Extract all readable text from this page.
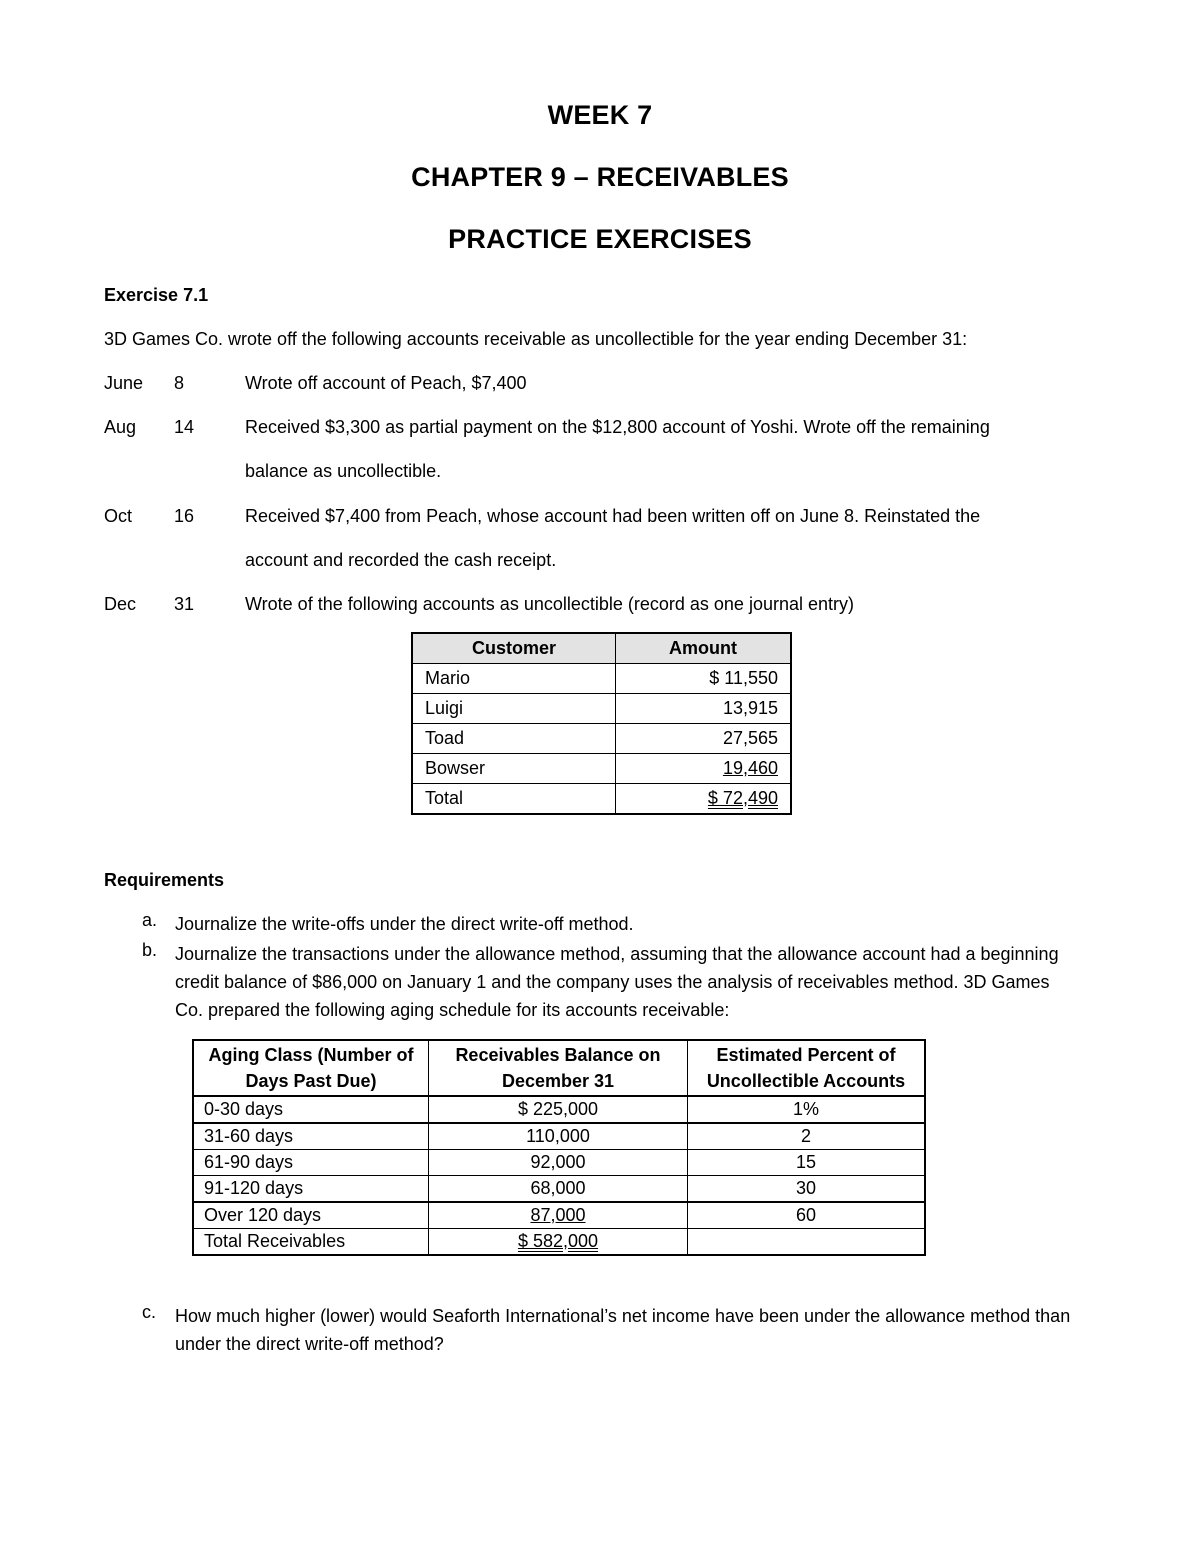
WEEK 7
CHAPTER 9 – RECEIVABLES
PRACTICE EXERCISES
Exercise 7.1
3D Games Co. wrote off the following accounts receivable as uncollectible for the year ending December 31:
June 8	Wrote off account of Peach, $7,400
Aug 14	Received $3,300 as partial payment on the $12,800 account of Yoshi. Wrote off the remaining
balance as uncollectible.
Oct 16	Received $7,400 from Peach, whose account had been written off on June 8. Reinstated the
account and recorded the cash receipt.
Dec 31	Wrote of the following accounts as uncollectible (record as one journal entry)
Customer	Amount
Mario	$ 11,550
Luigi	13,915
Toad	27,565
Bowser	19,460
Total	$ 72,490
Requirements
a. Journalize the write-offs under the direct write-off method.
b. Journalize the transactions under the allowance method, assuming that the allowance account had a beginning credit balance of $86,000 on January 1 and the company uses the analysis of receivables method. 3D Games Co. prepared the following aging schedule for its accounts receivable:
c. How much higher (lower) would Seaforth International’s net income have been under the allowance method than under the direct write-off method?
Aging Class (Number of Days Past Due)	Receivables Balance on December 31	Estimated Percent of Uncollectible Accounts
0-30 days	$ 225,000	1%
31-60 days	110,000	2
61-90 days	92,000	15
91-120 days	68,000	30
Over 120 days	87,000	60
Total Receivables	$ 582,000	
